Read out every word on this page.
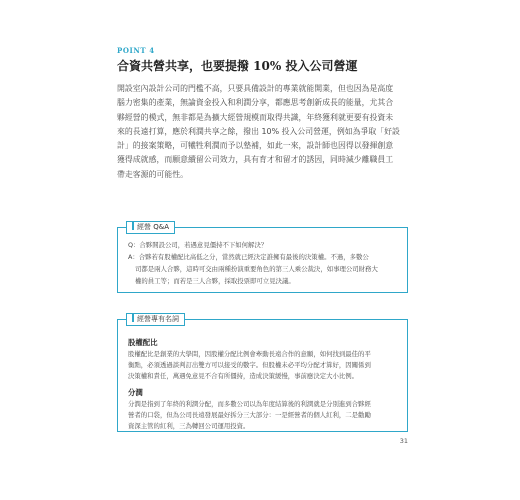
POINT 4
合資共營共享，也要提撥 10% 投入公司營運
開設室內設計公司的門檻不高，只要具備設計的專業就能開業，但也因為是高度
腦力密集的產業，無論資金投入和利潤分享，都應思考創新成長的能量，尤其合
夥經營的模式，無非都是為擴大經營規模而取得共識，年終獲利就更要有投資未
來的長遠打算，應於利潤共享之餘，撥出 10% 投入公司營運，例如為爭取「好設
計」的接案策略，可犧牲利潤而予以墊補，如此一來，設計師也因得以發揮創意
獲得成就感，而願意續留公司效力，具有育才和留才的誘因，同時減少離職員工
帶走客源的可能性。
經營 Q&A
Q：合夥開設公司，若遇意見僵持不下如何解決？
A：合夥若有股權配比高低之分，當然就已經決定誰擁有最後的決策權。不過，多數公
司都是兩人合夥，這時可交由兩種扮演重要角色的第三人乘公裁決，如事理公司財務大
權的員工等；而若是三人合夥，採取投票即可立見決議。
經營專有名詞
股權配比
股權配比是創業的大學問，因股權分配比例會牽動長遠合作的意願，如何找到最佳的平
衡點，必須透過談判訂出雙方可以接受的數字。但股權未必平均分配才算好，因關係到
決策權和責任，萬遇免意見不合有所僵持，造成決策緩慢，事前應決定大小比例。
分潤
分潤是指到了年終的利潤分配，而多數公司以為年度結算後的利潤就是分別進到合夥經
營者的口袋，但為公司長遠發展最好拆分三大部分：一是經營者的個人紅利，二是勸勵
資深主管的紅利，三為轉回公司運用投資。
31
